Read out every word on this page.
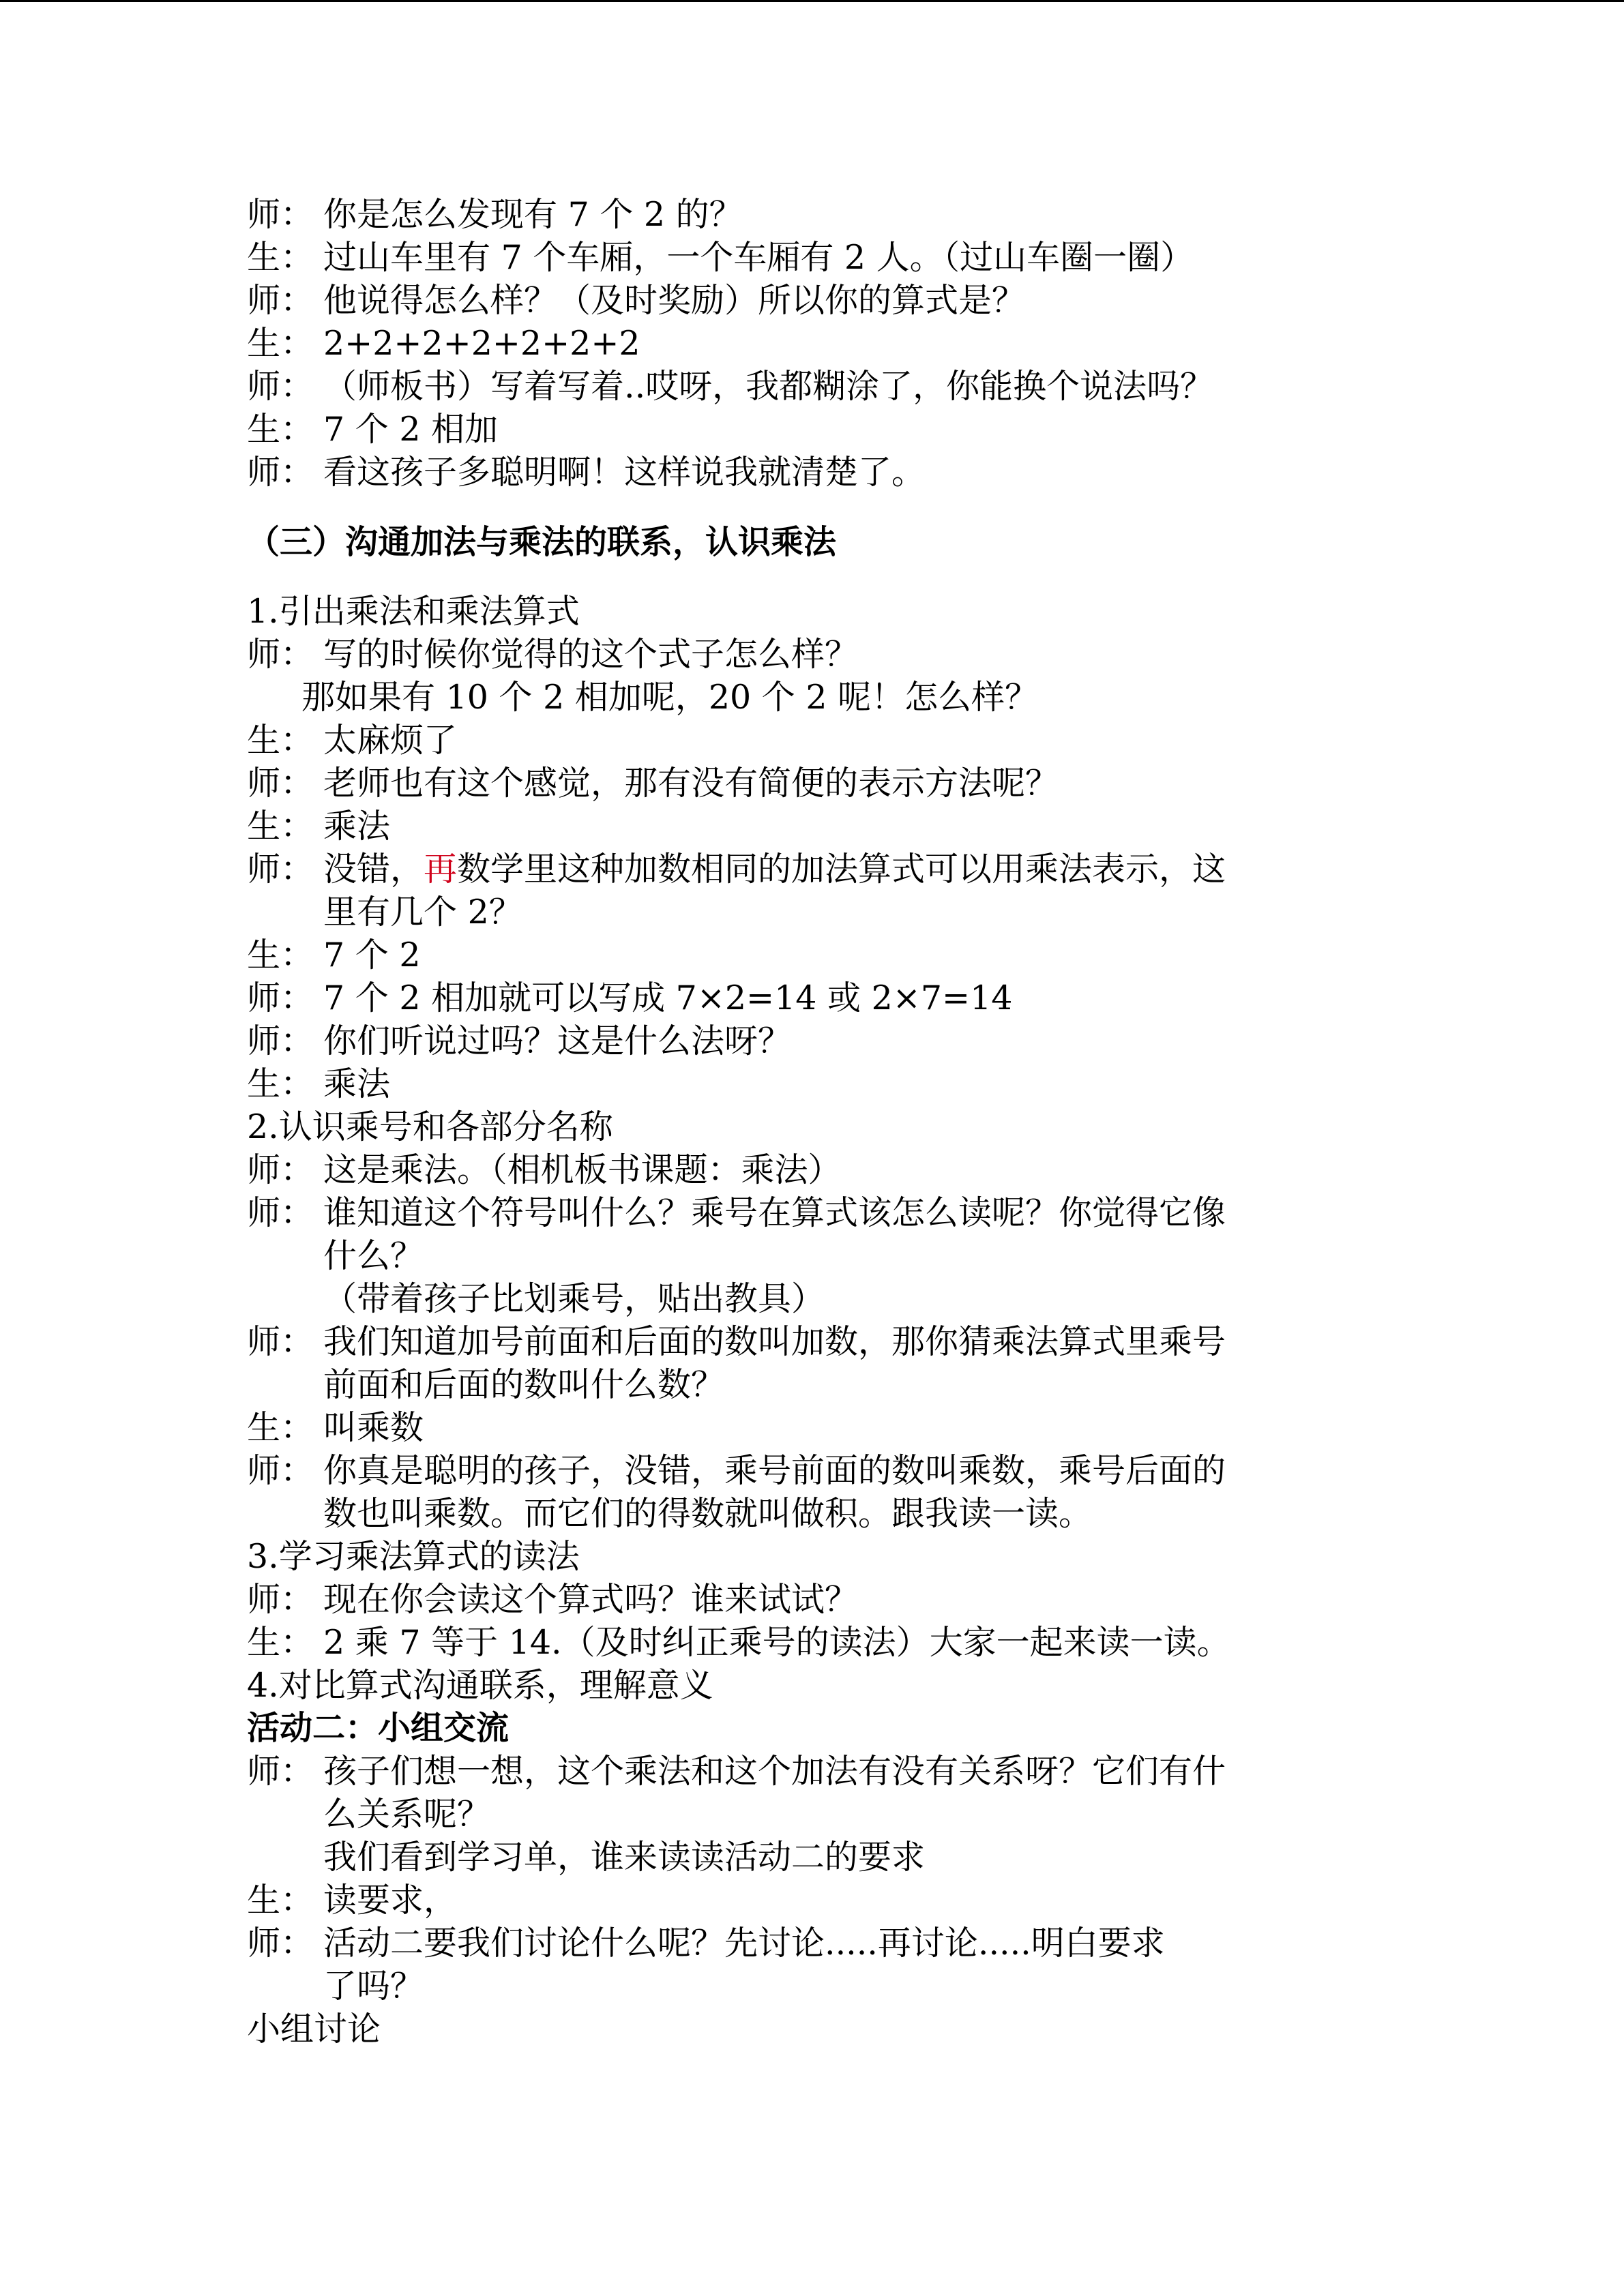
师： 你是怎么发现有 7 个 2 的？
生： 过山车里有 7 个车厢，一个车厢有 2 人。（过山车圈一圈）
师： 他说得怎么样？（及时奖励）所以你的算式是？
生： 2+2+2+2+2+2+2
师： （师板书）写着写着..哎呀，我都糊涂了，你能换个说法吗？
生： 7 个 2 相加
师： 看这孩子多聪明啊！这样说我就清楚了。
（三）沟通加法与乘法的联系，认识乘法
1.引出乘法和乘法算式
师： 写的时候你觉得的这个式子怎么样？
那如果有 10 个 2 相加呢，20 个 2 呢！怎么样？
生： 太麻烦了
师： 老师也有这个感觉，那有没有简便的表示方法呢？
生： 乘法
师： 没错，再数学里这种加数相同的加法算式可以用乘法表示，这
里有几个 2？
生： 7 个 2
师： 7 个 2 相加就可以写成 7×2=14 或 2×7=14
师： 你们听说过吗？这是什么法呀？
生： 乘法
2.认识乘号和各部分名称
师： 这是乘法。（相机板书课题：乘法）
师： 谁知道这个符号叫什么？乘号在算式该怎么读呢？你觉得它像
什么？
（带着孩子比划乘号，贴出教具）
师： 我们知道加号前面和后面的数叫加数，那你猜乘法算式里乘号
前面和后面的数叫什么数？
生： 叫乘数
师： 你真是聪明的孩子，没错，乘号前面的数叫乘数，乘号后面的
数也叫乘数。而它们的得数就叫做积。跟我读一读。
3.学习乘法算式的读法
师： 现在你会读这个算式吗？谁来试试？
生： 2 乘 7 等于 14.（及时纠正乘号的读法）大家一起来读一读。
4.对比算式沟通联系，理解意义
活动二：小组交流
师： 孩子们想一想，这个乘法和这个加法有没有关系呀？它们有什
么关系呢？
我们看到学习单，谁来读读活动二的要求
生： 读要求，
师： 活动二要我们讨论什么呢？先讨论.....再讨论.....明白要求
了吗？
小组讨论
